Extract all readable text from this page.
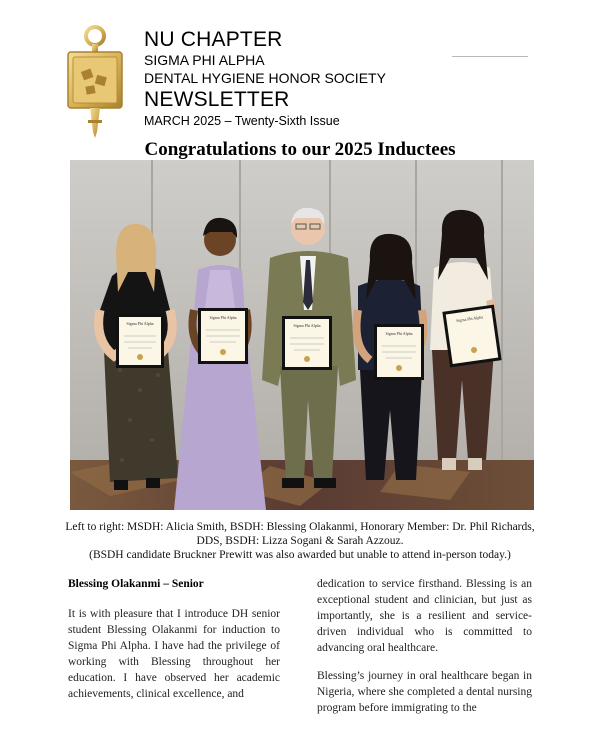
NU CHAPTER
SIGMA PHI ALPHA
DENTAL HYGIENE HONOR SOCIETY
NEWSLETTER
MARCH 2025 – Twenty-Sixth Issue
Congratulations to our 2025 Inductees
Sigma Phi Alpha
Sigma Phi Alpha
Sigma Phi Alpha
Sigma Phi Alpha
Sigma Phi Alpha
Left to right: MSDH: Alicia Smith, BSDH: Blessing Olakanmi, Honorary Member: Dr. Phil Richards, DDS, BSDH: Lizza Sogani & Sarah Azzouz.
(BSDH candidate Bruckner Prewitt was also awarded but unable to attend in-person today.)

Blessing Olakanmi – Senior

It is with pleasure that I introduce DH senior student Blessing Olakanmi for induction to Sigma Phi Alpha. I have had the privilege of working with Blessing throughout her education. I have observed her academic achievements, clinical excellence, and

dedication to service firsthand. Blessing is an exceptional student and clinician, but just as importantly, she is a resilient and service-driven individual who is committed to advancing oral healthcare.

Blessing’s journey in oral healthcare began in Nigeria, where she completed a dental nursing program before immigrating to the
